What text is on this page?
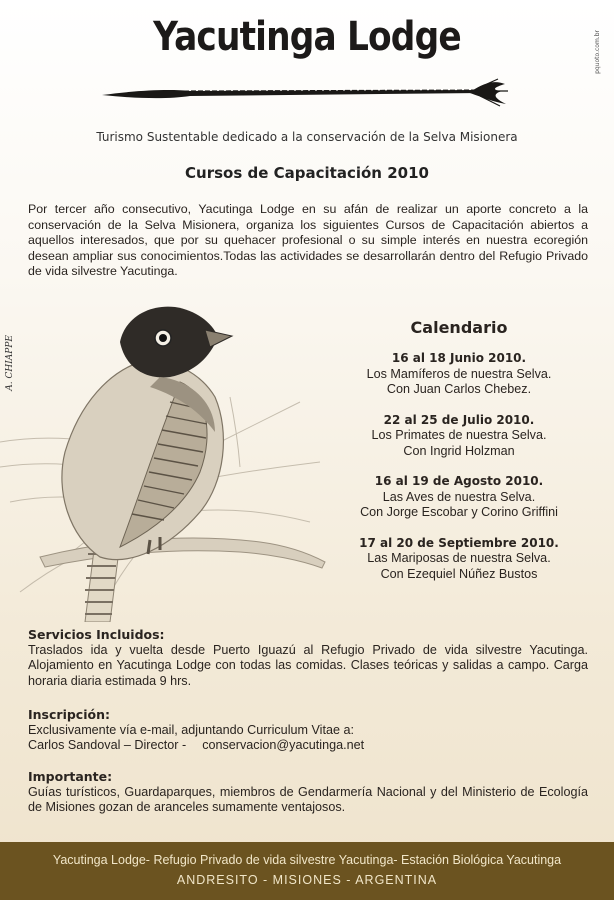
Yacutinga Lodge	pquoto.com.br
Turismo Sustentable dedicado a la conservación de la Selva Misionera
Cursos de Capacitación 2010
Por tercer año consecutivo, Yacutinga Lodge en su afán de realizar un aporte concreto a la conservación de la Selva Misionera, organiza los siguientes Cursos de Capacitación abiertos a aquellos interesados, que por su quehacer profesional o su simple interés en nuestra ecoregión desean ampliar sus conocimientos.Todas las actividades se desarrollarán dentro del Refugio Privado de vida silvestre Yacutinga.
A. CHIAPPE
Calendario
16 al 18 Junio 2010.
Los Mamíferos de nuestra Selva.
Con Juan Carlos Chebez.
22 al 25 de Julio 2010.
Los Primates de nuestra Selva.
Con Ingrid Holzman
16 al 19 de Agosto 2010.
Las Aves de nuestra Selva.
Con Jorge Escobar y Corino Griffini
17 al 20 de Septiembre 2010.
Las Mariposas de nuestra Selva.
Con Ezequiel Núñez Bustos
Servicios Incluidos:
Traslados ida y vuelta desde Puerto Iguazú al Refugio Privado de vida silvestre Yacutinga. Alojamiento en Yacutinga Lodge con todas las comidas. Clases teóricas y salidas a campo. Carga horaria diaria estimada 9 hrs.
Inscripción:
Exclusivamente vía e-mail, adjuntando Curriculum Vitae a:
Carlos Sandoval – Director - conservacion@yacutinga.net
Importante:
Guías turísticos, Guardaparques, miembros de Gendarmería Nacional y del Ministerio de Ecología de Misiones gozan de aranceles sumamente ventajosos.
Yacutinga Lodge- Refugio Privado de vida silvestre Yacutinga- Estación Biológica Yacutinga
ANDRESITO - MISIONES - ARGENTINA
